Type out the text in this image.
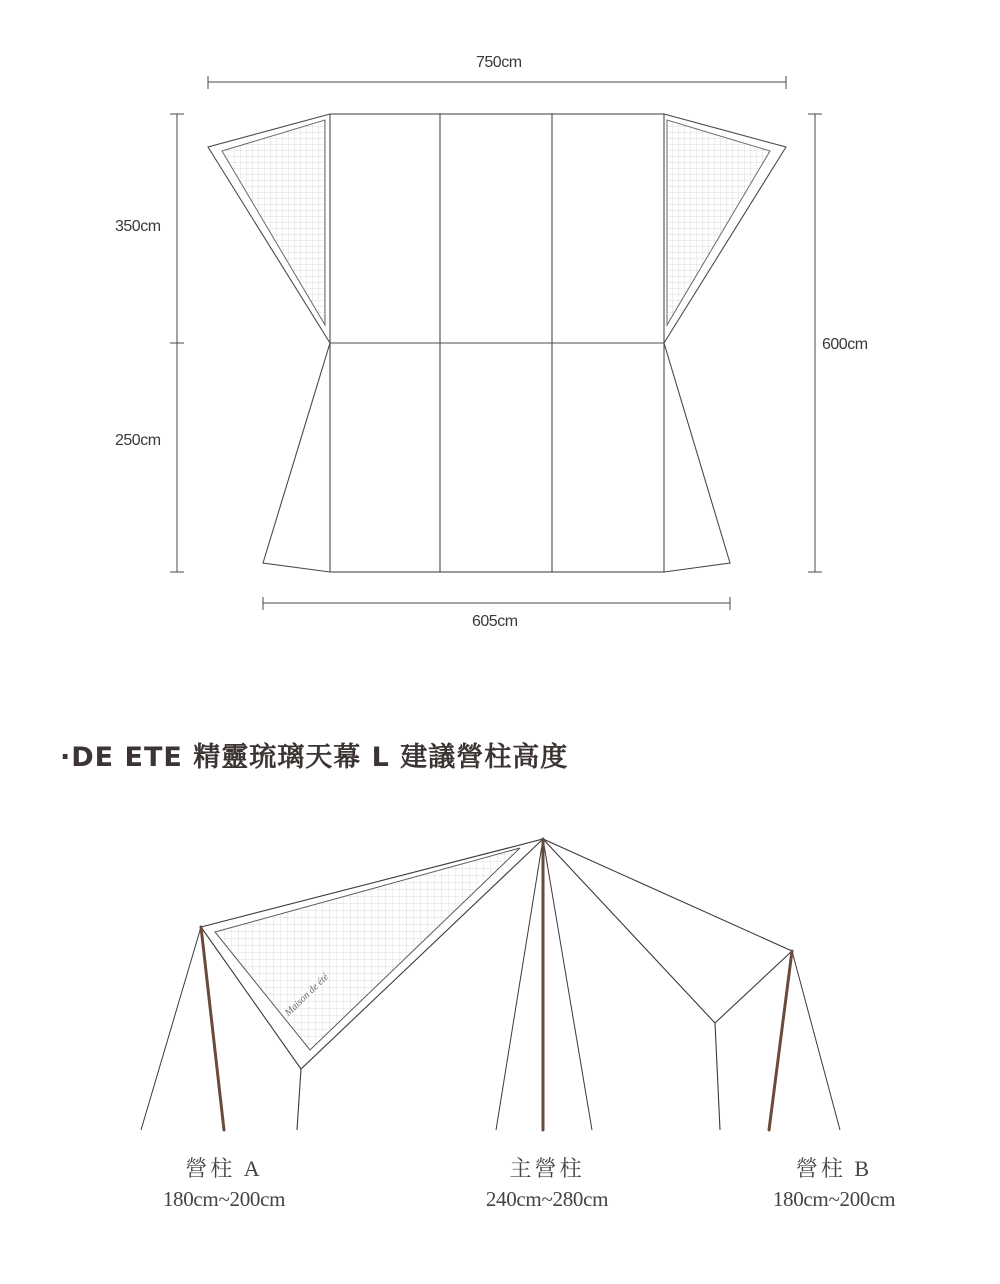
750cm
605cm
350cm
250cm
600cm
·DE ETE 精靈琉璃天幕 L 建議營柱高度
Maison de été
營柱 A
180cm~200cm
主營柱
240cm~280cm
營柱 B
180cm~200cm
